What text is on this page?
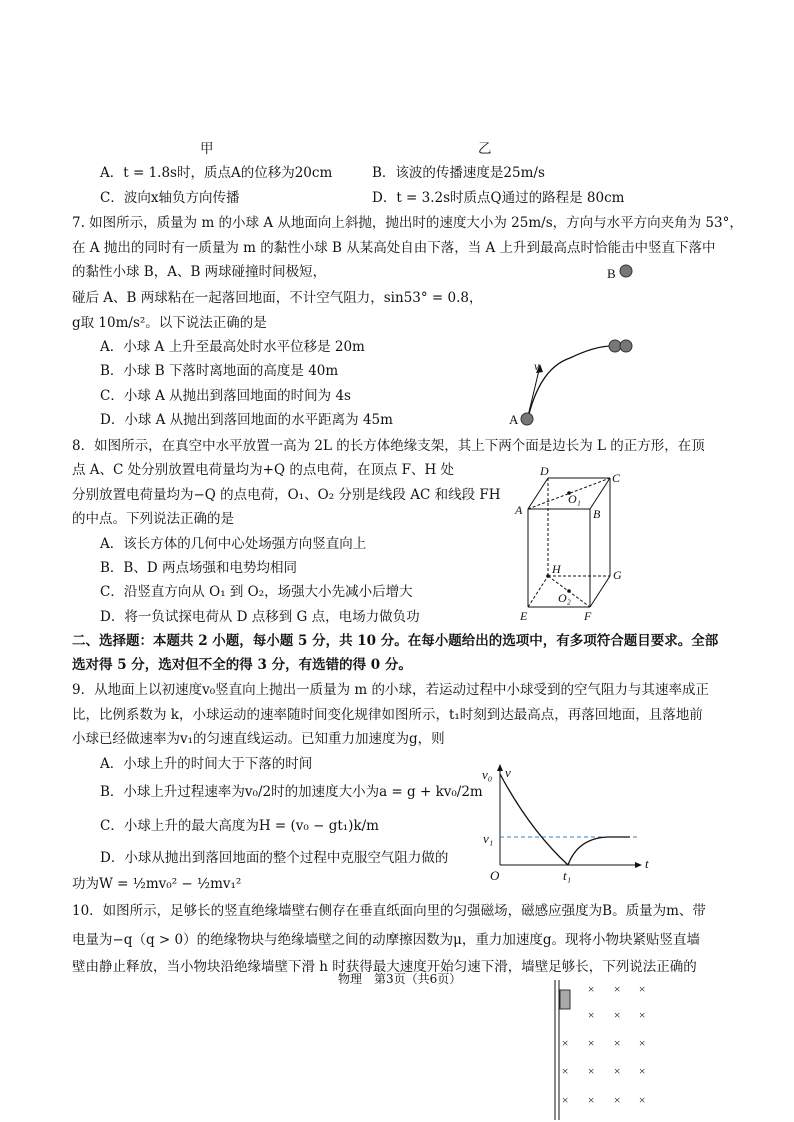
甲	乙
A．t = 1.8s时，质点A的位移为20cm	B．该波的传播速度是25m/s
C．波向x轴负方向传播	D．t = 3.2s时质点Q通过的路程是 80cm
7. 如图所示，质量为 m 的小球 A 从地面向上斜抛，抛出时的速度大小为 25m/s，方向与水平方向夹角为 53°，
在 A 抛出的同时有一质量为 m 的黏性小球 B 从某高处自由下落，当 A 上升到最高点时恰能击中竖直下落中
的黏性小球 B，A、B 两球碰撞时间极短，
碰后 A、B 两球粘在一起落回地面，不计空气阻力，sin53° = 0.8，
g取 10m/s²。以下说法正确的是
A．小球 A 上升至最高处时水平位移是 20m
B．小球 B 下落时离地面的高度是 40m
C．小球 A 从抛出到落回地面的时间为 4s
D．小球 A 从抛出到落回地面的水平距离为 45m
B
v
A
8．如图所示，在真空中水平放置一高为 2L 的长方体绝缘支架，其上下两个面是边长为 L 的正方形，在顶
点 A、C 处分别放置电荷量均为+Q 的点电荷，在顶点 F、H 处
分别放置电荷量均为−Q 的点电荷，O₁、O₂ 分别是线段 AC 和线段 FH
的中点。下列说法正确的是
A．该长方体的几何中心处场强方向竖直向上
B．B、D 两点场强和电势均相同
C．沿竖直方向从 O₁ 到 O₂，场强大小先减小后增大
D．将一负试探电荷从 D 点移到 G 点，电场力做负功
D	C
O₁
A	B
H	G
O₂
E	F
二、选择题：本题共 2 小题，每小题 5 分，共 10 分。在每小题给出的选项中，有多项符合题目要求。全部
选对得 5 分，选对但不全的得 3 分，有选错的得 0 分。
9．从地面上以初速度v₀竖直向上抛出一质量为 m 的小球，若运动过程中小球受到的空气阻力与其速率成正
比，比例系数为 k，小球运动的速率随时间变化规律如图所示，t₁时刻到达最高点，再落回地面，且落地前
小球已经做速率为v₁的匀速直线运动。已知重力加速度为g，则
A．小球上升的时间大于下落的时间
B．小球上升过程速率为v₀/2时的加速度大小为a = g + kv₀/2m
C．小球上升的最大高度为H = (v₀ − gt₁)k/m
D．小球从抛出到落回地面的整个过程中克服空气阻力做的
功为W = ½mv₀² − ½mv₁²
v₀ v
v₁
O	t₁
t
10．如图所示，足够长的竖直绝缘墙壁右侧存在垂直纸面向里的匀强磁场，磁感应强度为B。质量为m、带
电量为−q（q > 0）的绝缘物块与绝缘墙壁之间的动摩擦因数为μ，重力加速度g。现将小物块紧贴竖直墙
壁由静止释放，当小物块沿绝缘墙壁下滑 h 时获得最大速度开始匀速下滑，墙壁足够长，下列说法正确的
物理 第3页（共6页）
× × ×
× × ×
× × × ×
× × × ×
× × × ×
